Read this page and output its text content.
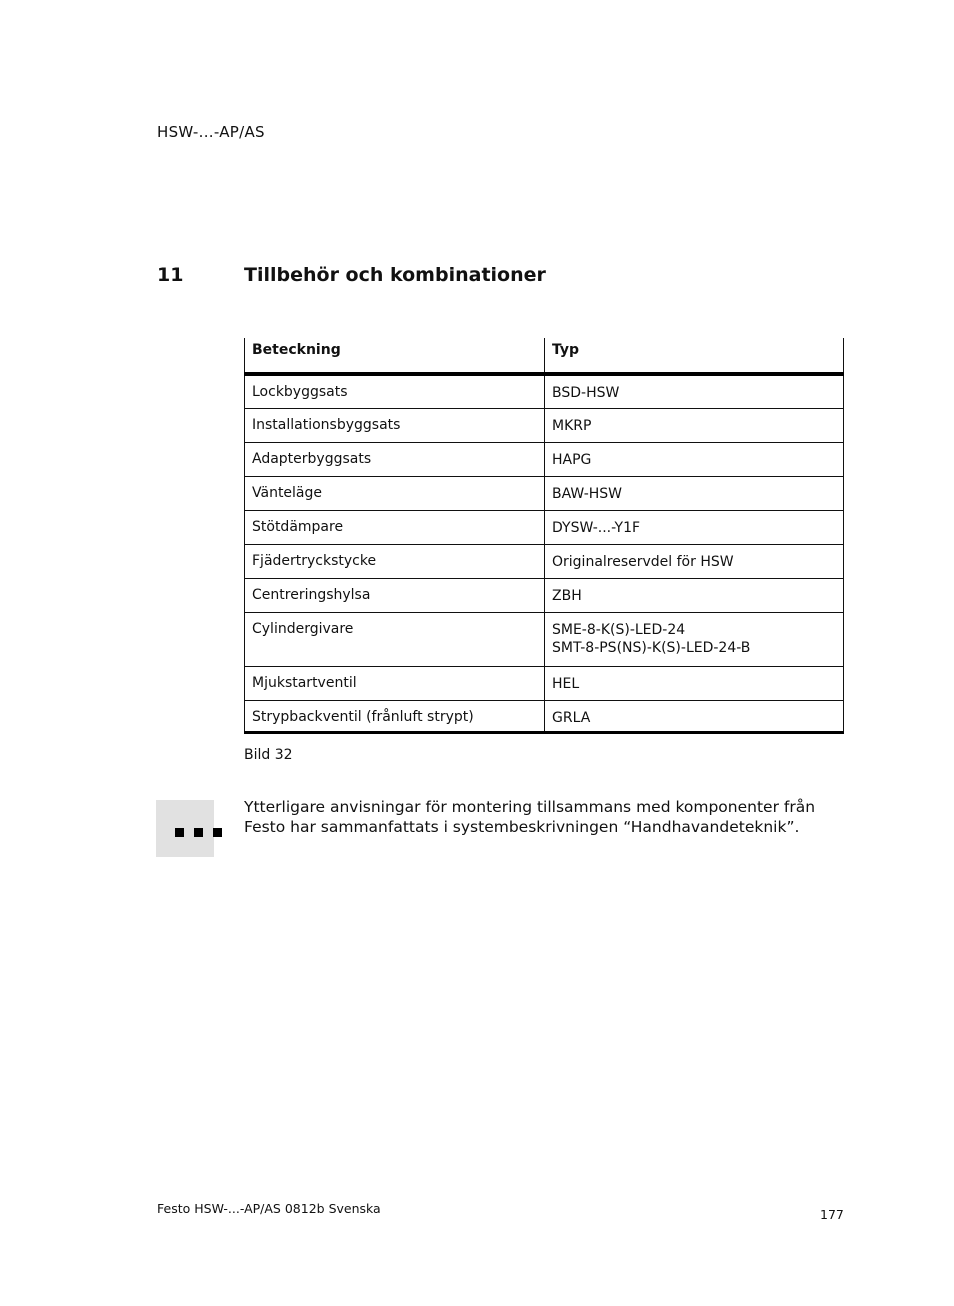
HSW-...-AP/AS
11	Tillbehör och kombinationer
Beteckning	Typ
Lockbyggsats	BSD-HSW

Installationsbyggsats	MKRP

Adapterbyggsats	HAPG

Vänteläge	BAW-HSW

Stötdämpare	DYSW-...-Y1F

Fjädertryckstycke	Originalreservdel för HSW

Centreringshylsa	ZBH

Cylindergivare	SME-8-K(S)-LED-24
SMT-8-PS(NS)-K(S)-LED-24-B

Mjukstartventil	HEL

Strypbackventil (frånluft strypt)	GRLA
Bild 32
Ytterligare anvisningar för montering tillsammans med komponenter från Festo har sammanfattats i systembeskrivningen “Handhavandeteknik”.
Festo HSW-...-AP/AS 0812b Svenska	177
